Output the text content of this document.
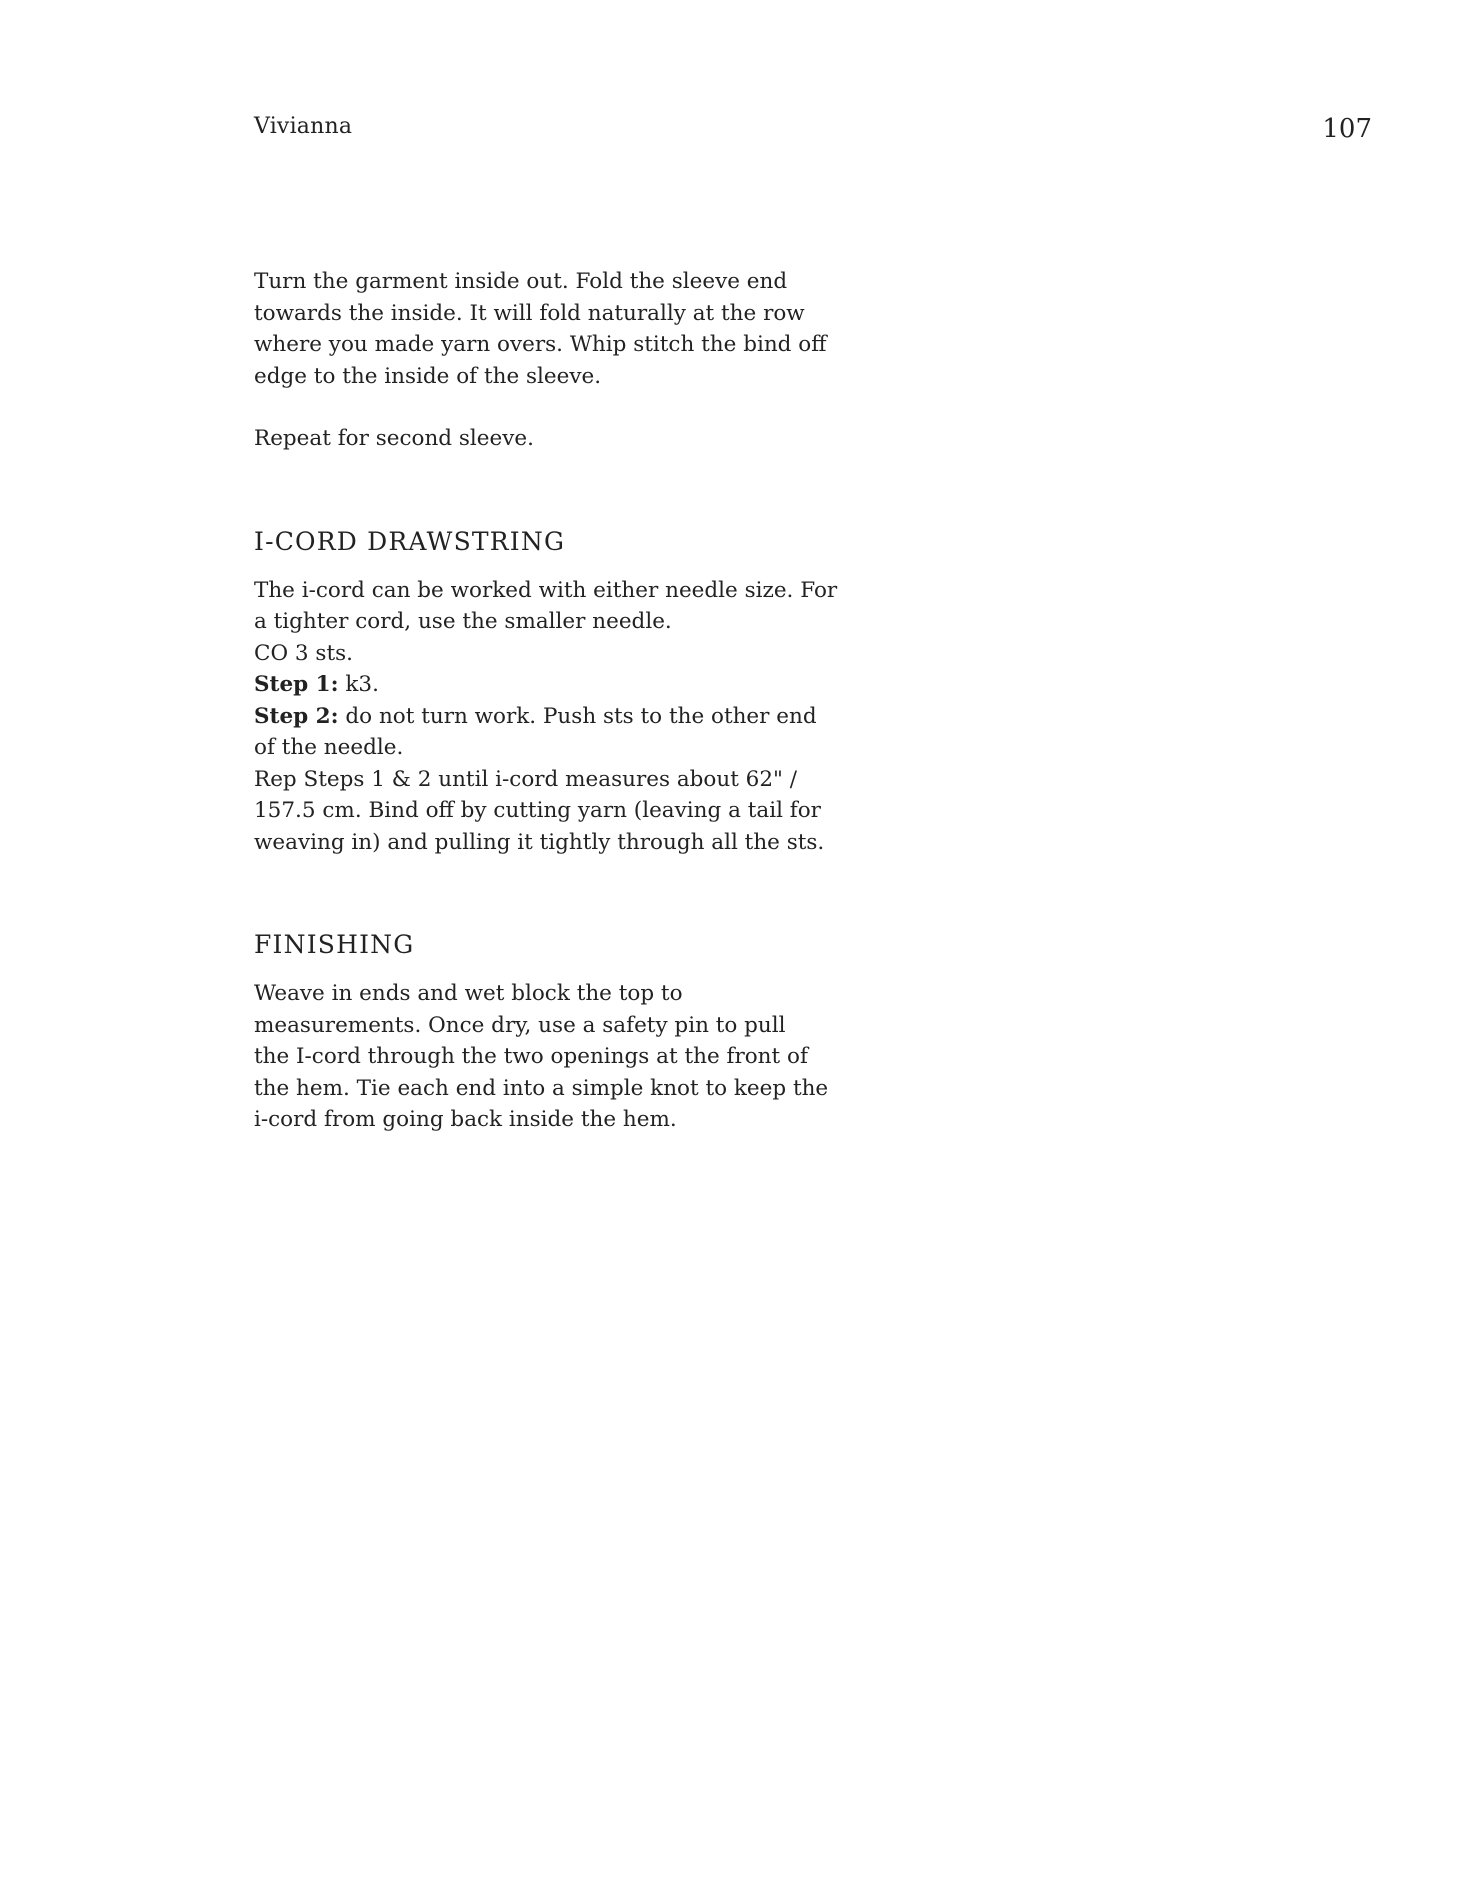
Vivianna	107

Turn the garment inside out. Fold the sleeve end
towards the inside. It will fold naturally at the row
where you made yarn overs. Whip stitch the bind off
edge to the inside of the sleeve.

Repeat for second sleeve.

I-CORD DRAWSTRING

The i-cord can be worked with either needle size. For
a tighter cord, use the smaller needle.
CO 3 sts.
Step 1: k3.
Step 2: do not turn work. Push sts to the other end
of the needle.
Rep Steps 1 & 2 until i-cord measures about 62" /
157.5 cm. Bind off by cutting yarn (leaving a tail for
weaving in) and pulling it tightly through all the sts.

FINISHING

Weave in ends and wet block the top to
measurements. Once dry, use a safety pin to pull
the I-cord through the two openings at the front of
the hem. Tie each end into a simple knot to keep the
i-cord from going back inside the hem.
